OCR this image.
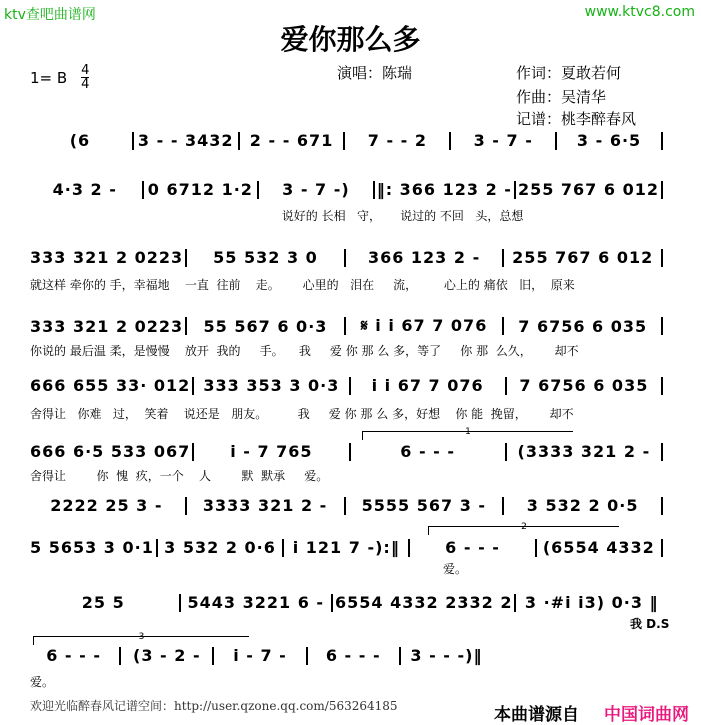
ktv查吧曲谱网	www.ktvc8.com
爱你那么多
1= B $\frac{4}{4}$	演唱：陈瑞	作词：夏敢若何
作曲：吴清华
记谱：桃李醉春风
(6	3 - - 3432	2 - - 671	7 - - 2	3 - 7 -	3 - 6·5
4·3 2 -	0 6712 1·2	3 - 7 -)	‖: 366 123 2 - 255 767 6 012
333 321 2 0223	55 532 3 0	366 123 2 -	255 767 6 012
333 321 2 0223	55 567 6 0·3	𝄋 i i 67 7 076	7 6756 6 035
666 655 33· 012 333 353 3 0·3	i i 67 7 076	7 6756 6 035
666 6·5 533 067	i - 7 765	6 - - -	(3333 321 2 -
2222 25 3 -	3333 321 2 -	5555 567 3 -	3 532 2 0·5
5 5653 3 0·1 3 532 2 0·6	i 121 7 -):‖	6 - - -	(6554 4332
25 5	5443 3221 6 - 6554 4332 2332 2 3 ·#i i3) 0·3 ‖
6 - - -	(3 - 2 -	i - 7 -	6 - - -	3 - - -)‖
说好的 长相   守，     说过的 不回   头，总想
就这样 牵你的 手，幸福地    一直  往前    走。      心里的   泪在     流，       心上的 痛依   旧，  原来
你说的 最后温 柔，是慢慢    放开  我的     手。    我     爱 你 那 么 多，等了     你 那  么久，      却不
舍得让   你难   过，  笑着    说还是   朋友。        我     爱 你 那 么 多，好想    你 能  挽留，      却不
舍得让        你  愧  疚，一个    人        默  默承     爱。
爱。
我 D.S
爱。
1
2
3
欢迎光临醉春风记谱空间：http://user.qzone.qq.com/563264185	本曲谱源自 中国词曲网
